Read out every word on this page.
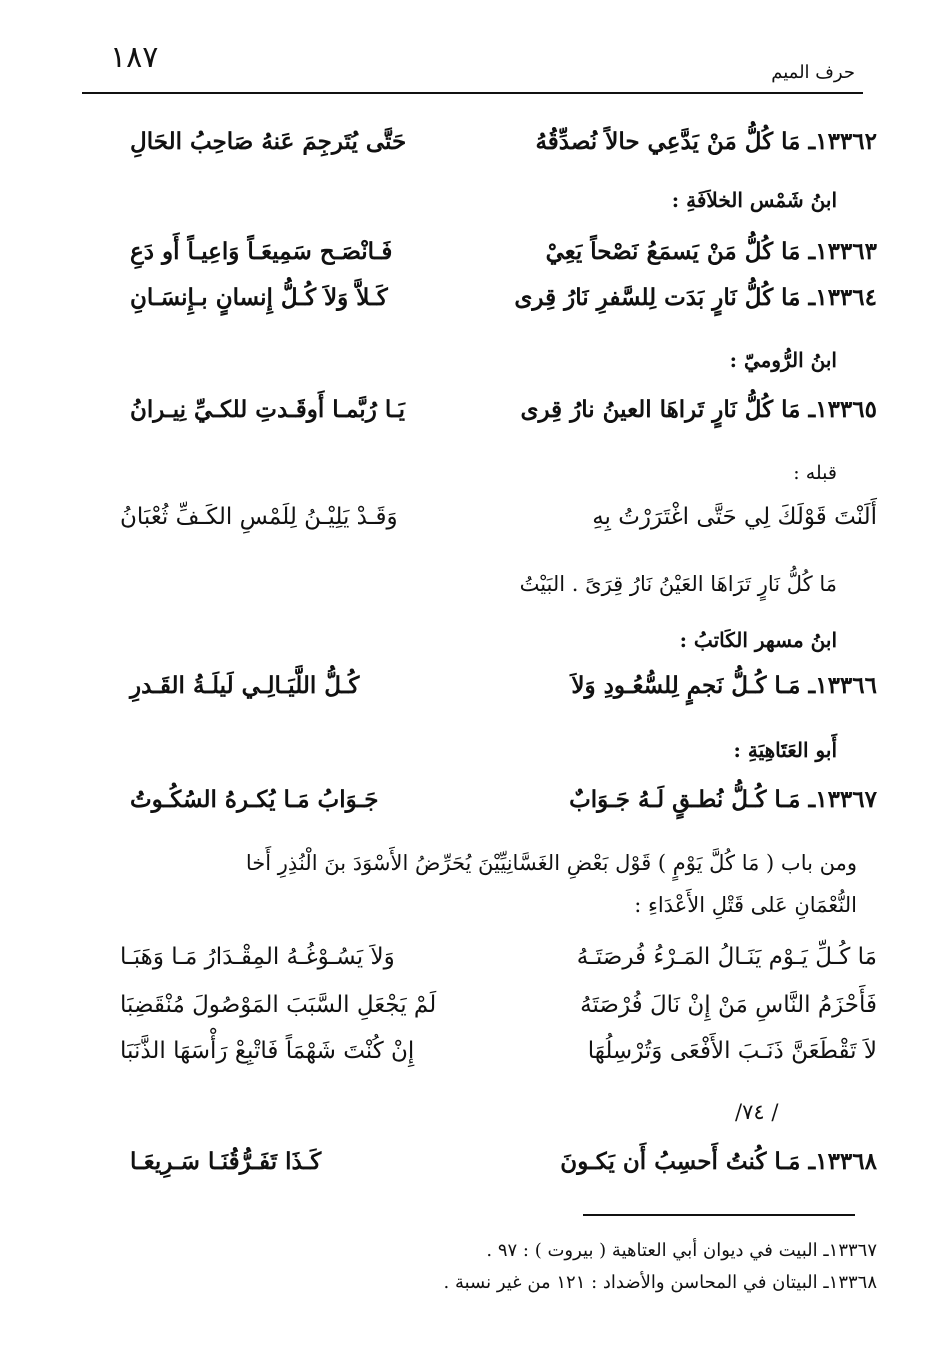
١٨٧	حرف الميم
١٣٣٦٢ـ مَا كُلُّ مَنْ يَدَّعِي حالاً نُصدِّقُهُ
حَتَّى يُتَرجِمَ عَنهُ صَاحِبُ الحَالِ
ابنُ شَمْس الخلاَفَةِ :
١٣٣٦٣ـ مَا كُلُّ مَنْ يَسمَعُ نَصْحاً يَعِيْ
فَـانْصَـح سَمِيعَـاً وَاعِيـاً أَو دَعِ
١٣٣٦٤ـ مَا كُلُّ نَارٍ بَدَت لِلسَّفرِ نَارُ قِرى
كَـلاَّ وَلاَ كُـلُّ إِنسانٍ بـإِنسَـانِ
ابنُ الرُّوميّ :
١٣٣٦٥ـ مَا كُلُّ نَارٍ تَراهَا العينُ نارُ قِرى
يَـا رُبَّمـا أَوقَـدتِ للكـيِّ نِيـرانُ
قبله :
أَلَنْتَ قَوْلَكَ لِي حَتَّى اغْتَرَرْتُ بِهِ
وَقَـدْ يَلِيْـنُ لِلَمْسِ الكَـفِّ ثُعْبَانُ
مَا كُلُّ نَارٍ تَرَاهَا العَيْنُ نَارُ قِرَىً . البَيْتُ
ابنُ مسهر الكَاتبُ :
١٣٣٦٦ـ مَـا كُـلُّ نَجمٍ لِلسُّعُـودِ وَلاَ
كُـلُّ اللَّيَـالِـي لَيلَـةُ القَـدرِ
أَبو العَتَاهِيَةِ :
١٣٣٦٧ـ مَـا كُـلُّ نُطـقٍ لَـهُ جَـوَابٌ
جَـوَابُ مَـا يُكـرهُ السُكُـوتُ
ومن باب ( مَا كُلَّ يَوْمٍ ) قَوْل بَعْضِ الغَسَّانِيِّيْنَ يُحَرِّضُ الأَسْوَدَ بنَ الْنُذِرِ أَخا
النُّعْمَانِ عَلى قَتْلِ الأَعْدَاءِ :
مَا كُـلِّ يَـوْم يَنَـالُ المَـرْءُ فُرصَتَـهُ
وَلاَ يَسُـوْغُـهُ المِقْـدَارُ مَـا وَهَبَـا
فَأَحْزَمُ النَّاسِ مَنْ إِنْ نَالَ فُرْصَتَهُ
لَمْ يَجْعَلِ السَّبَبَ المَوْصُولَ مُنْقَضِبَا
لاَ تَقْطَعَنَّ ذَنَـبَ الأَفْعَى وَتُرْسِلُهَا
إِنْ كُنْتَ شَهْمَاً فَاتْبِعْ رَأْسَهَا الذَّنَبَا
/٧٤ /
١٣٣٦٨ـ مَـا كُنتُ أَحسِبُ أَن يَكـونَ
كَـذَا تَفَـرُّقُنَـا سَـرِيعَـا
١٣٣٦٧ـ البيت في ديوان أبي العتاهية ( بيروت ) : ٩٧ .
١٣٣٦٨ـ البيتان في المحاسن والأضداد : ١٢١ من غير نسبة .
